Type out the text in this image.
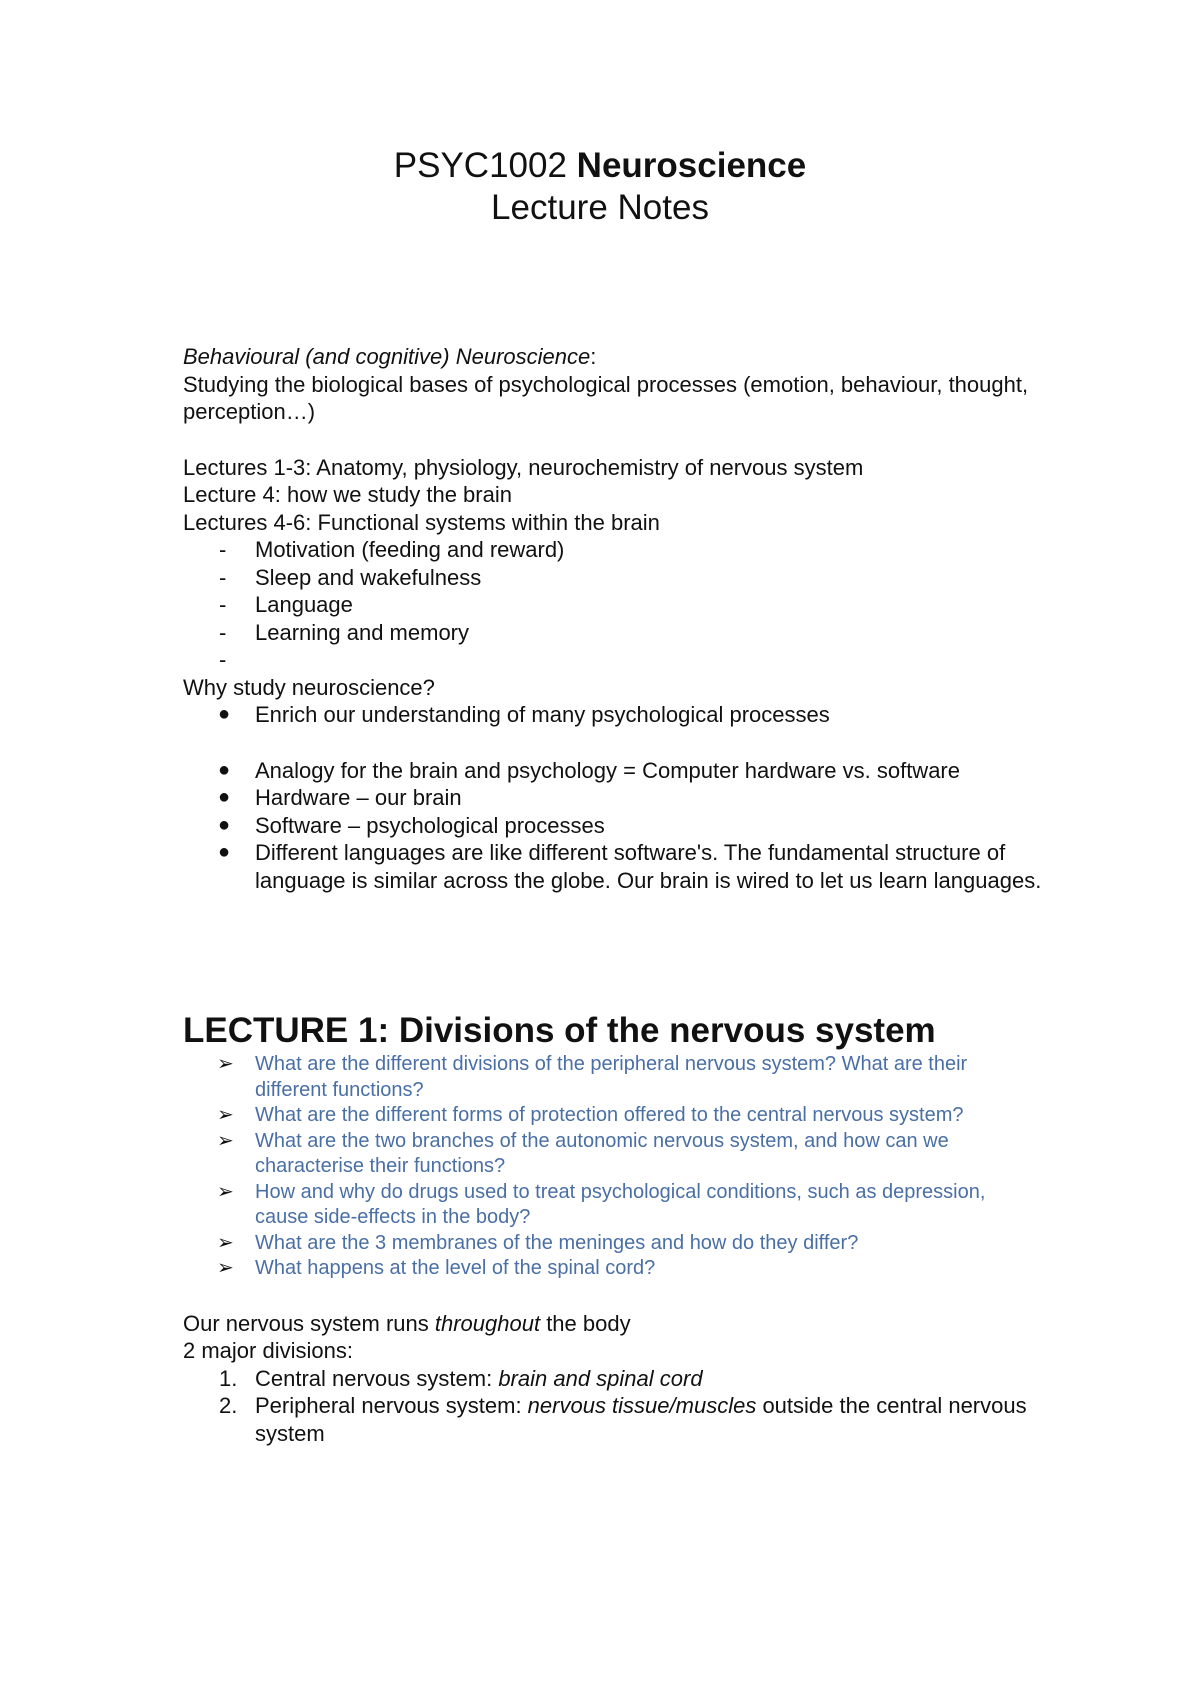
PSYC1002 Neuroscience
Lecture Notes

Behavioural (and cognitive) Neuroscience:

Studying the biological bases of psychological processes (emotion, behaviour, thought, perception…)

Lectures 1-3: Anatomy, physiology, neurochemistry of nervous system

Lecture 4: how we study the brain

Lectures 4-6: Functional systems within the brain

- Motivation (feeding and reward)
- Sleep and wakefulness
- Language
- Learning and memory
-

Why study neuroscience?

● Enrich our understanding of many psychological processes
● Analogy for the brain and psychology = Computer hardware vs. software
● Hardware – our brain
● Software – psychological processes
● Different languages are like different software's. The fundamental structure of language is similar across the globe. Our brain is wired to let us learn languages.
LECTURE 1: Divisions of the nervous system
➢ What are the different divisions of the peripheral nervous system? What are their different functions?
➢ What are the different forms of protection offered to the central nervous system?
➢ What are the two branches of the autonomic nervous system, and how can we characterise their functions?
➢ How and why do drugs used to treat psychological conditions, such as depression, cause side-effects in the body?
➢ What are the 3 membranes of the meninges and how do they differ?
➢ What happens at the level of the spinal cord?

Our nervous system runs throughout the body

2 major divisions:

1. Central nervous system: brain and spinal cord
2. Peripheral nervous system: nervous tissue/muscles outside the central nervous system
